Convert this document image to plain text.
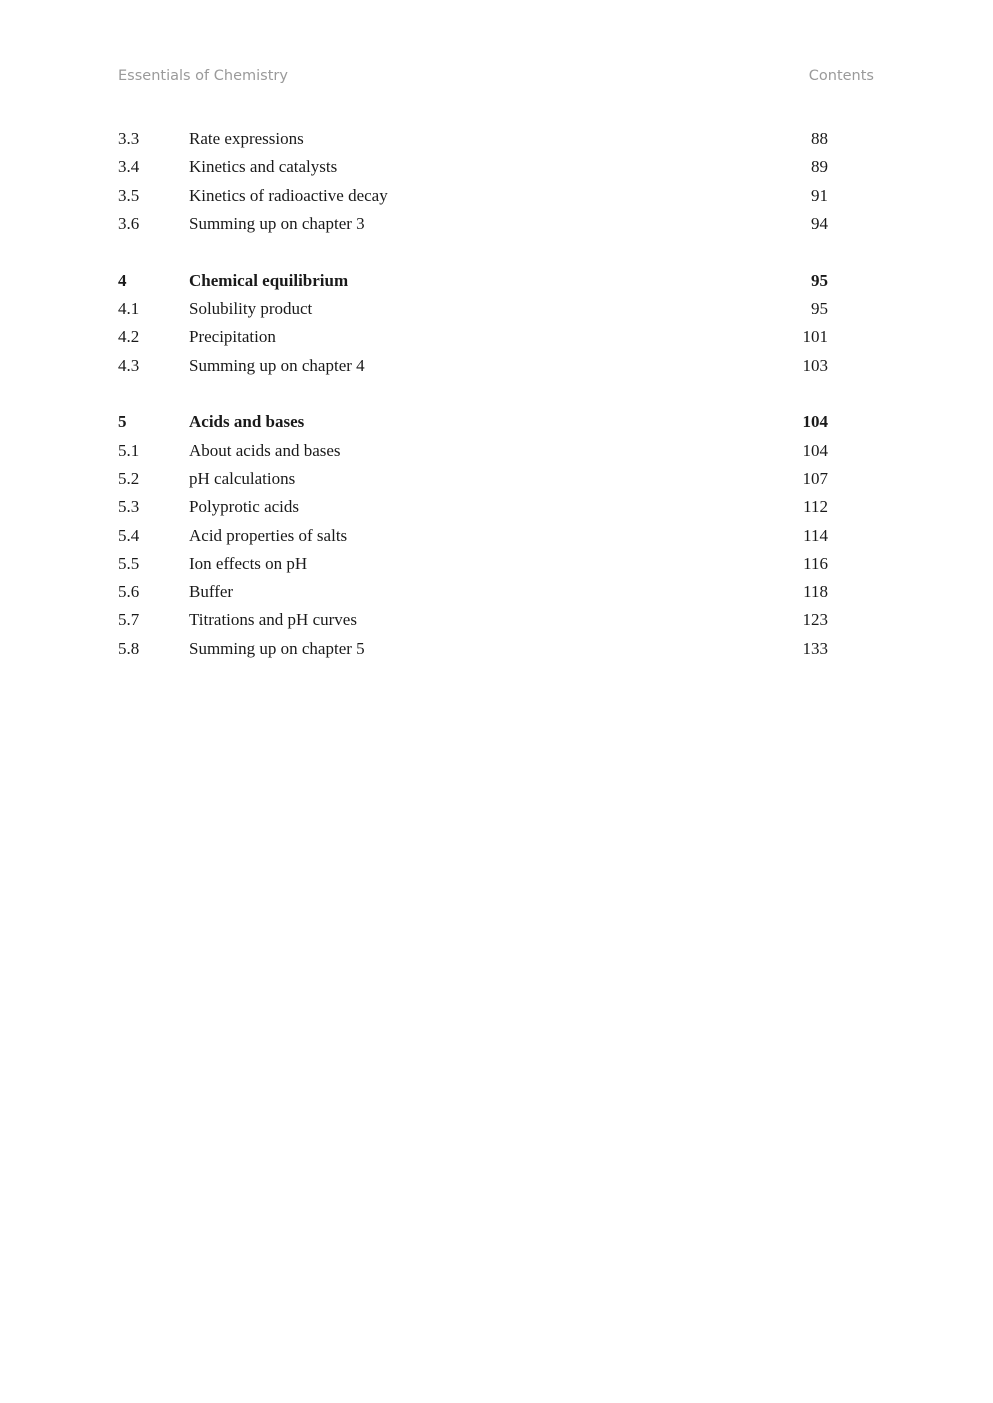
Essentials of Chemistry	Contents
3.3	Rate expressions	88
3.4	Kinetics and catalysts	89
3.5	Kinetics of radioactive decay	91
3.6	Summing up on chapter 3	94
4	Chemical equilibrium	95
4.1	Solubility product	95
4.2	Precipitation	101
4.3	Summing up on chapter 4	103
5	Acids and bases	104
5.1	About acids and bases	104
5.2	pH calculations	107
5.3	Polyprotic acids	112
5.4	Acid properties of salts	114
5.5	Ion effects on pH	116
5.6	Buffer	118
5.7	Titrations and pH curves	123
5.8	Summing up on chapter 5	133
